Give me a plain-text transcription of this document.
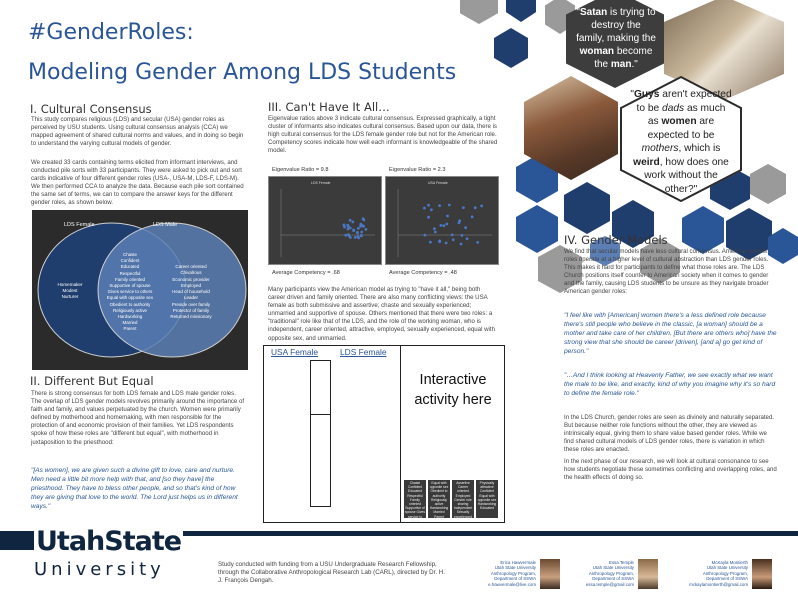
#GenderRoles:
Modeling Gender Among LDS Students
I. Cultural Consensus
This study compares religious (LDS) and secular (USA) gender roles as perceived by USU students. Using cultural consensus analysis (CCA) we mapped agreement of shared cultural norms and values, and in doing so begin to understand the varying cultural models of gender.
We created 33 cards containing terms elicited from informant interviews, and conducted pile sorts with 33 participants. They were asked to pick out and sort cards indicative of four different gender roles (USA-, USA-M, LDS-F, LDS-M). We then performed CCA to analyze the data. Because each pile sort contained the same set of terms, we can to compare the answer keys for the different gender roles, as shown below.
LDS Female	LDS Male
Homemaker
Modest
Nurturer
Chaste
Confident
Educated
Respectful
Family oriented
Supportive of spouse
Gives service to others
Equal with opposite sex
Obedient to authority
Religiously active
Hardworking
Married
Parent
Career oriented
Chivalrous
Economic provider
Employed
Head of household
Leader
Preside over family
Protector of family
Returned missionary
II. Different But Equal
There is strong consensus for both LDS female and LDS male gender roles. The overlap of LDS gender models revolves primarily around the importance of faith and family, and values perpetuated by the church. Women were primarily defined by motherhood and homemaking, with men responsible for the protection of and economic provision of their families. Yet LDS respondents spoke of how these roles are "different but equal", with motherhood in juxtaposition to the priesthood:
"[As women], we are given such a divine gift to love, care and nurture. Men need a little bit more help with that, and [so they have] the priesthood. They have to bless other people, and so that's kind of how they are giving that love to the world. The Lord just helps us in different ways."
III. Can't Have It All…
Eigenvalue ratios above 3 indicate cultural consensus. Expressed graphically, a tight cluster of informants also indicates cultural consensus. Based upon our data, there is high cultural consensus for the LDS female gender role but not for the American role. Competency scores indicate how well each informant is knowledgeable of the shared model.
Eigenvalue Ratio = 9.8
LDS Female
Average Competency = .68
Eigenvalue Ratio = 2.3
USA Female
Average Competency = .48
Many participants view the American model as trying to "have it all," being both career driven and family oriented. There are also many conflicting views: the USA female as both submissive and assertive; chaste and sexually experienced; unmarried and supportive of spouse. Others mentioned that there were two roles: a "traditional" role like that of the LDS, and the role of the working woman, who is independent, career oriented, attractive, employed, sexually experienced, equal with opposite sex, and unmarried.
USA Female	LDS Female
Interactive activity here
Chaste Confident Educated Respectful Family oriented Supportive of spouse Gives service to others
Equal with opposite sex Obedient to authority Religiously active Hardworking Married Parent
Assertive Career oriented Employed Gender role sharing Independent Sexually experienced
Physically attractive Confident Equal with opposite sex Hardworking Educated
"Satan is trying to destroy the family, making the woman become the man."
"Guys aren't expected to be dads as much as women are expected to be mothers, which is weird, how does one work without the other?"
IV. Gender Models
We find that secular models have less cultural consensus. American gender roles operate at a higher level of cultural abstraction than LDS gender roles. This makes it hard for participants to define what those roles are. The LDS Church positions itself counter to American society when it comes to gender and the family, causing LDS students to be unsure as they navigate broader American gender roles:
"I feel like with [American] women there's a less defined role because there's still people who believe in the classic, [a woman] should be a mother and take care of her children. [But there are others who] have the strong view that she should be career [driven], [and a] go get kind of person."
"…And I think looking at Heavenly Father, we see exactly what we want the male to be like, and exactly, kind of why you imagine why it's so hard to define the female role."
In the LDS Church, gender roles are seen as divinely and naturally separated. But because neither role functions without the other, they are viewed as intrinsically equal, giving them to share value based gender roles. While we find shared cultural models of LDS gender roles, there is variation in which these roles are enacted.
In the next phase of our research, we will look at cultural consonance to see how students negotiate these sometimes conflicting and overlapping roles, and the health effects of doing so.
UtahState
University	Study conducted with funding from a USU Undergraduate Research Fellowship, through the Collaborative Anthropological Research Lab (CARL), directed by Dr. H. J. François Dengah.
Erica Hawvermale
Utah State University
Anthropology Program,
Department of SSWA
e.hawvermale@live.com
Essa Temple
Utah State University
Anthropology Program,
Department of SSWA
essa.temple@gmail.com
McKayla Montierth
Utah State University
Anthropology Program,
Department of SSWA
mckaylamontierth@gmail.com
